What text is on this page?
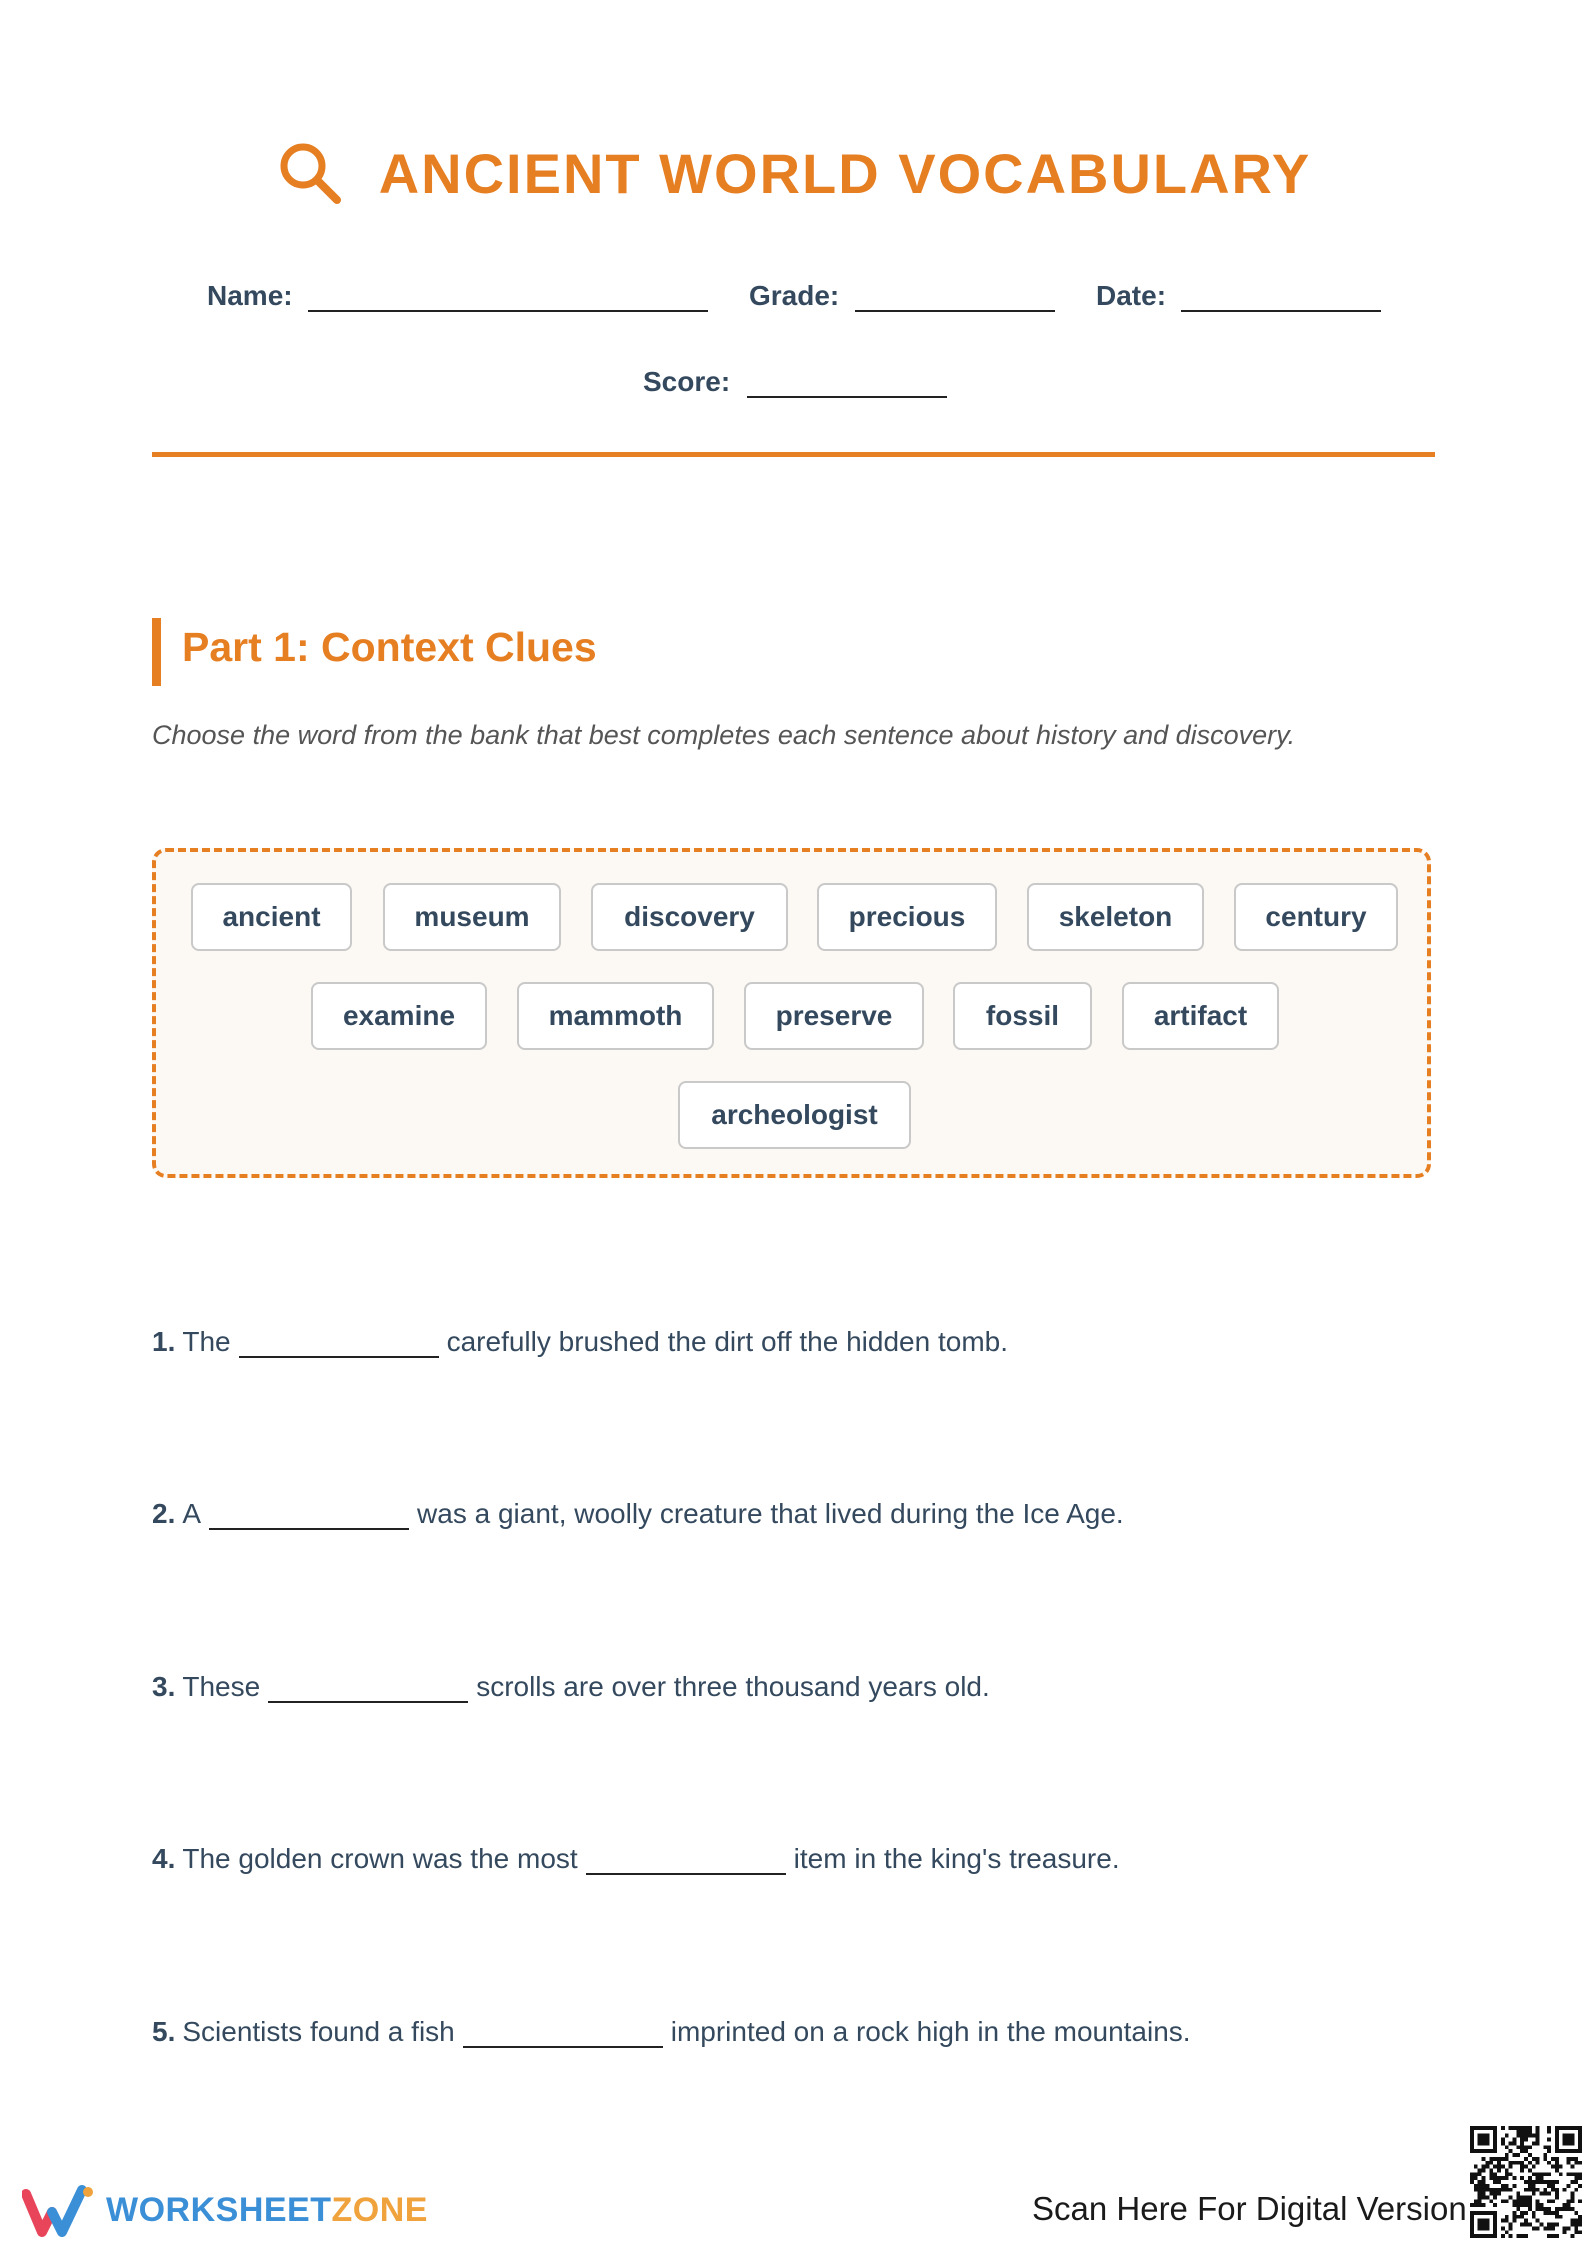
ANCIENT WORLD VOCABULARY
Name:	Grade:	Date:
Score:
Part 1: Context Clues
Choose the word from the bank that best completes each sentence about history and discovery.
ancient	museum	discovery	precious	skeleton	century
examine	mammoth	preserve	fossil	artifact
archeologist
1. The	carefully brushed the dirt off the hidden tomb.
2. A	was a giant, woolly creature that lived during the Ice Age.
3. These	scrolls are over three thousand years old.
4. The golden crown was the most	item in the king's treasure.
5. Scientists found a fish	imprinted on a rock high in the mountains.
WORKSHEETZONE	Scan Here For Digital Version
